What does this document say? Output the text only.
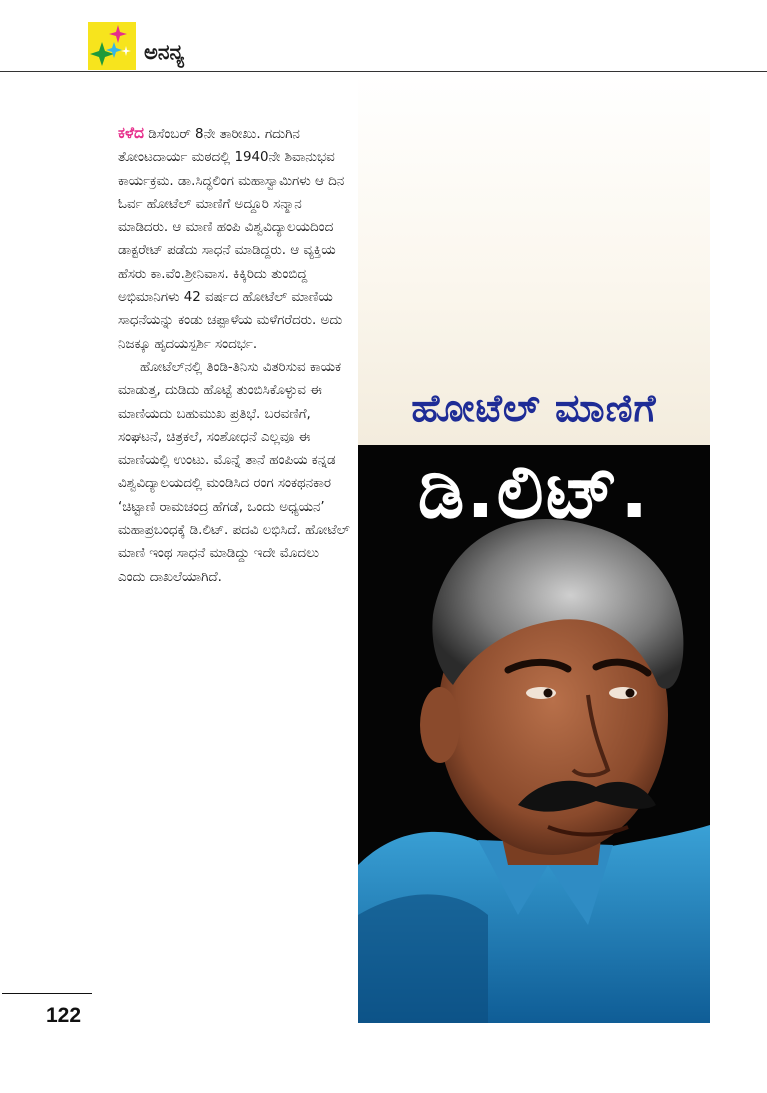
ಅನನ್ಯ

ಕಳೆದ ಡಿಸೆಂಬರ್ 8ನೇ ತಾರೀಖು. ಗದುಗಿನ ತೋಂಟದಾರ್ಯ ಮಠದಲ್ಲಿ 1940ನೇ ಶಿವಾನುಭವ ಕಾರ್ಯಕ್ರಮ. ಡಾ.ಸಿದ್ಧಲಿಂಗ ಮಹಾಸ್ವಾಮಿಗಳು ಆ ದಿನ ಓರ್ವ ಹೋಟೆಲ್ ಮಾಣಿಗೆ ಅದ್ದೂರಿ ಸನ್ಮಾನ ಮಾಡಿದರು. ಆ ಮಾಣಿ ಹಂಪಿ ವಿಶ್ವವಿದ್ಯಾಲಯದಿಂದ ಡಾಕ್ಟರೇಟ್ ಪಡೆದು ಸಾಧನೆ ಮಾಡಿದ್ದರು. ಆ ವ್ಯಕ್ತಿಯ ಹೆಸರು ಕಾ.ವೆಂ.ಶ್ರೀನಿವಾಸ. ಕಿಕ್ಕಿರಿದು ತುಂಬಿದ್ದ ಅಭಿಮಾನಿಗಳು 42 ವರ್ಷದ ಹೋಟೆಲ್ ಮಾಣಿಯ ಸಾಧನೆಯನ್ನು ಕಂಡು ಚಪ್ಪಾಳೆಯ ಮಳೆಗರೆದರು. ಅದು ನಿಜಕ್ಕೂ ಹೃದಯಸ್ಪರ್ಶಿ ಸಂದರ್ಭ.

ಹೋಟೆಲ್‌ನಲ್ಲಿ ತಿಂಡಿ-ತಿನಿಸು ವಿತರಿಸುವ ಕಾಯಕ ಮಾಡುತ್ತ, ದುಡಿದು ಹೊಟ್ಟೆ ತುಂಬಿಸಿಕೊಳ್ಳುವ ಈ ಮಾಣಿಯದು ಬಹುಮುಖ ಪ್ರತಿಭೆ. ಬರವಣಿಗೆ, ಸಂಘಟನೆ, ಚಿತ್ರಕಲೆ, ಸಂಶೋಧನೆ ಎಲ್ಲವೂ ಈ ಮಾಣಿಯಲ್ಲಿ ಉಂಟು. ಮೊನ್ನೆ ತಾನೆ ಹಂಪಿಯ ಕನ್ನಡ ವಿಶ್ವವಿದ್ಯಾಲಯದಲ್ಲಿ ಮಂಡಿಸಿದ ರಂಗ ಸಂಕಥನಕಾರ ‘ಚಿಟ್ಟಾಣಿ ರಾಮಚಂದ್ರ ಹೆಗಡೆ, ಒಂದು ಅಧ್ಯಯನ’ ಮಹಾಪ್ರಬಂಧಕ್ಕೆ ಡಿ.ಲಿಟ್. ಪದವಿ ಲಭಿಸಿದೆ. ಹೋಟೆಲ್ ಮಾಣಿ ಇಂಥ ಸಾಧನೆ ಮಾಡಿದ್ದು ಇದೇ ಮೊದಲು ಎಂದು ದಾಖಲೆಯಾಗಿದೆ.

ಹೋಟೆಲ್ ಮಾಣಿಗೆ
ಡಿ.ಲಿಟ್.
122
